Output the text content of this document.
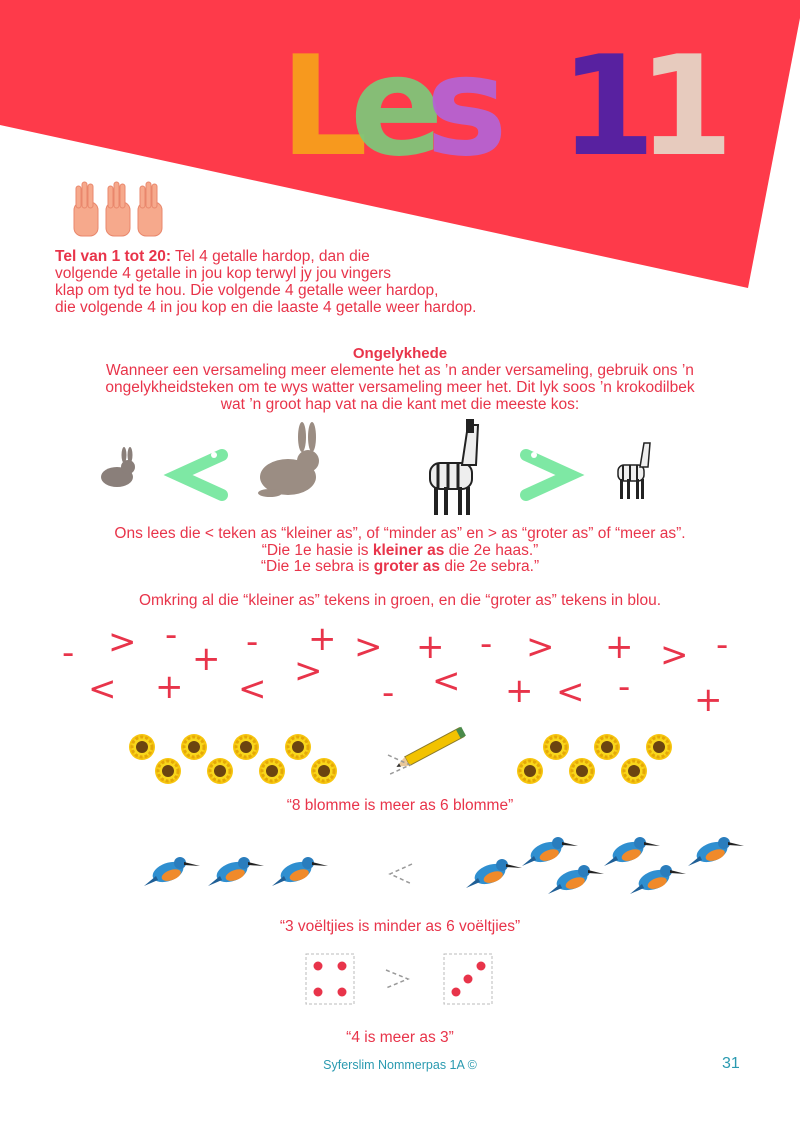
Les 11
Tel van 1 tot 20: Tel 4 getalle hardop, dan die
volgende 4 getalle in jou kop terwyl jy jou vingers
klap om tyd te hou. Die volgende 4 getalle weer hardop,
die volgende 4 in jou kop en die laaste 4 getalle weer hardop.
Ongelykhede
Wanneer een versameling meer elemente het as ’n ander versameling, gebruik ons ’n
ongelykheidsteken om te wys watter versameling meer het. Dit lyk soos ’n krokodilbek
wat ’n groot hap vat na die kant met die meeste kos:
Ons lees die < teken as “kleiner as”, of “minder as” en > as “groter as” of “meer as”.
“Die 1e hasie is kleiner as die 2e haas.”
“Die 1e sebra is groter as die 2e sebra.”
Omkring al die “kleiner as” tekens in groen, en die “groter as” tekens in blou.
- > -
+ -
>
+ > + - > + > -
< + <	- < + < - +
“8 blomme is meer as 6 blomme”
“3 voëltjies is minder as 6 voëltjies”
“4 is meer as 3”
Syferslim Nommerpas 1A ©	31
